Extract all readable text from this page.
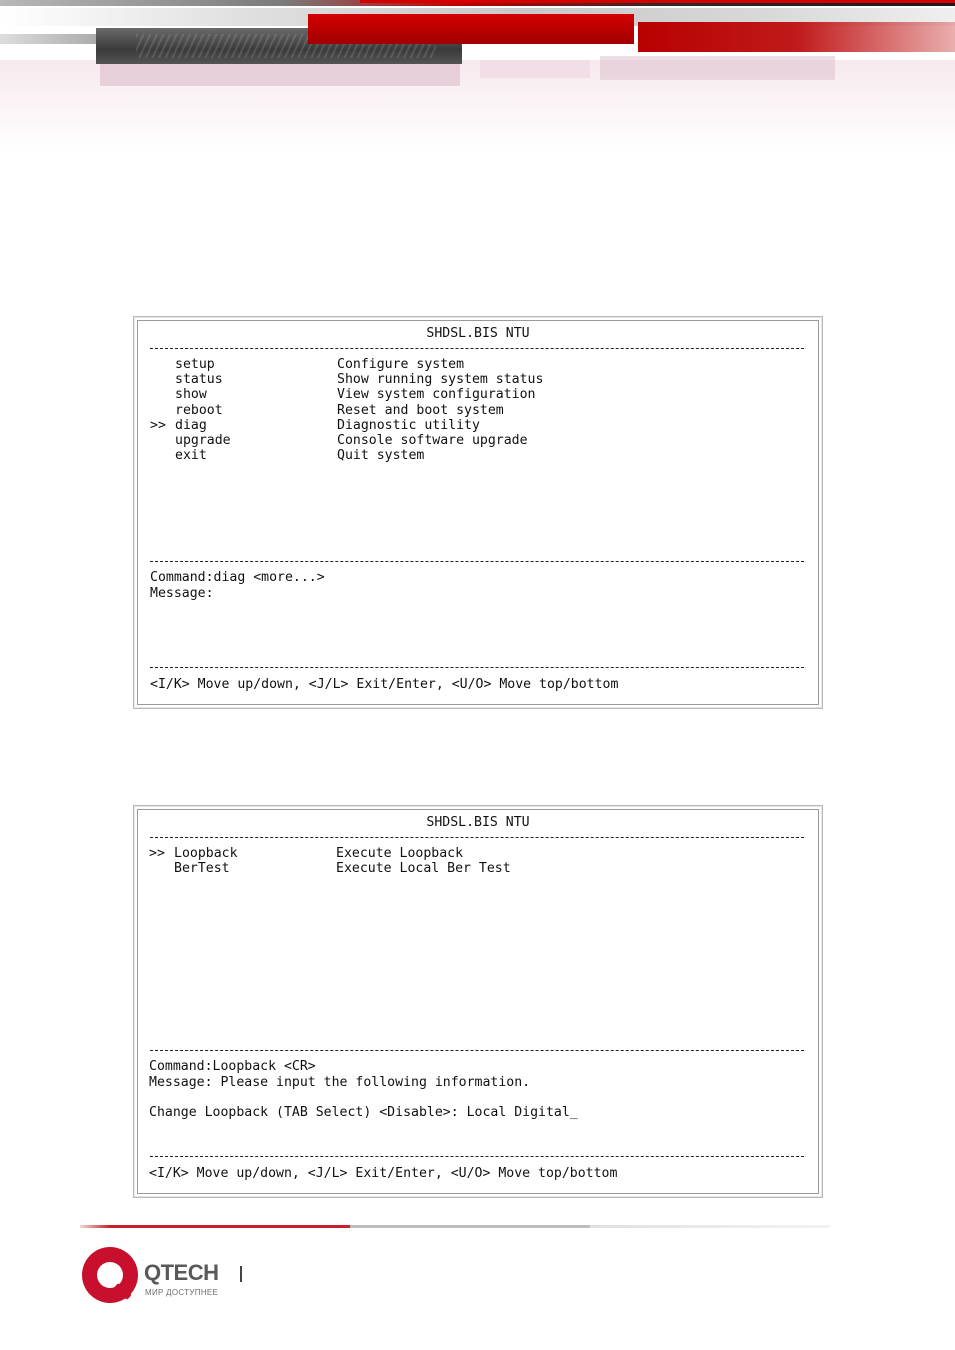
SHDSL.BIS NTU
setup	Configure system
status	Show running system status
show	View system configuration
reboot	Reset and boot system
>> diag	Diagnostic utility
upgrade	Console software upgrade
exit	Quit system
Command:diag <more...>
Message:
<I/K> Move up/down, <J/L> Exit/Enter, <U/O> Move top/bottom
SHDSL.BIS NTU
>> Loopback	Execute Loopback
BerTest	Execute Local Ber Test
Command:Loopback <CR>
Message: Please input the following information.
Change Loopback (TAB Select) <Disable>: Local Digital_
<I/K> Move up/down, <J/L> Exit/Enter, <U/O> Move top/bottom
QTECH
МИР ДОСТУПНЕЕ
